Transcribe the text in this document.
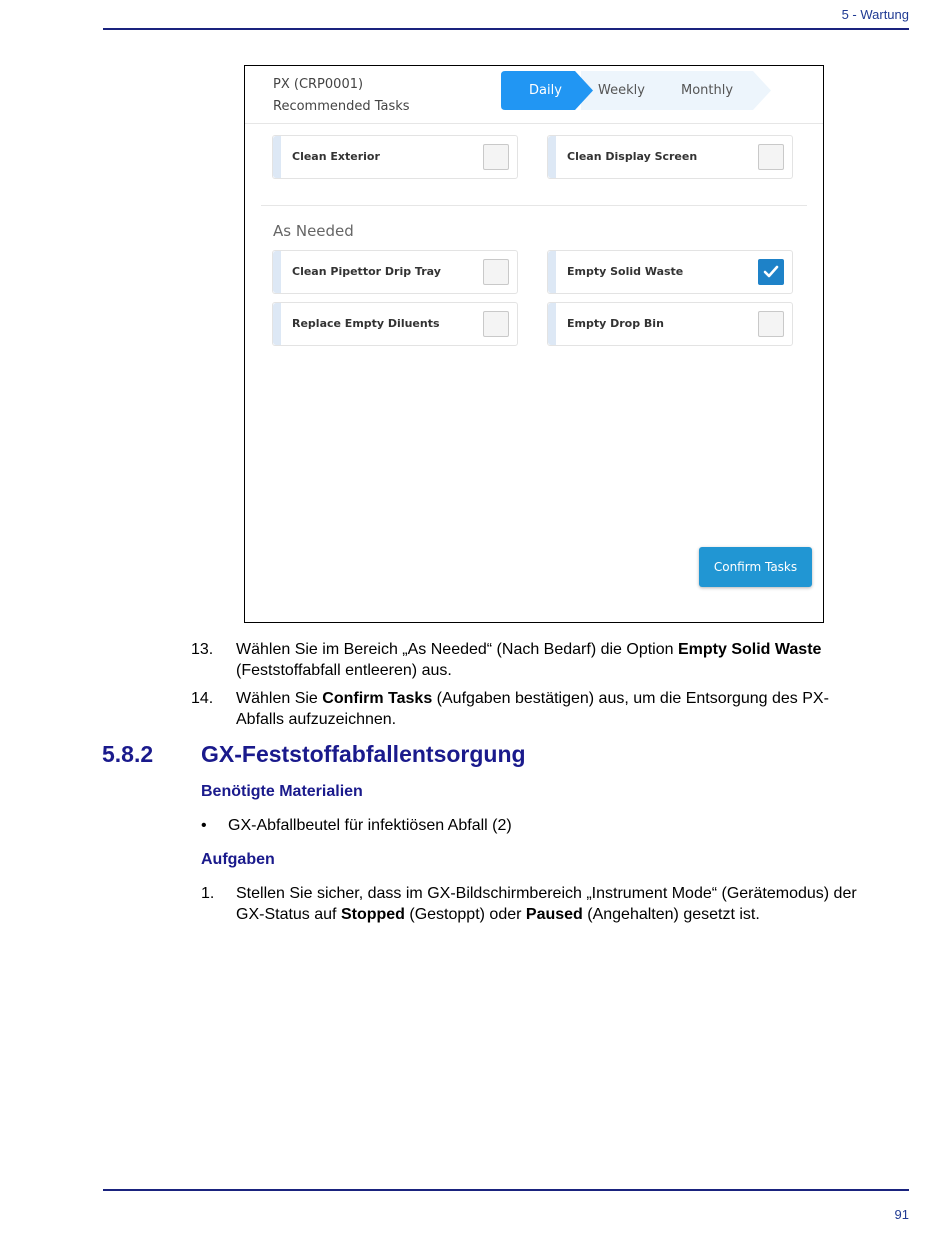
5 - Wartung
PX (CRP0001)
Recommended Tasks
Daily	Weekly	Monthly
Clean Exterior	Clean Display Screen
As Needed
Clean Pipettor Drip Tray	Empty Solid Waste
Replace Empty Diluents	Empty Drop Bin
Confirm Tasks
13. Wählen Sie im Bereich „As Needed“ (Nach Bedarf) die Option Empty Solid Waste
(Feststoffabfall entleeren) aus.
14. Wählen Sie Confirm Tasks (Aufgaben bestätigen) aus, um die Entsorgung des PX-
Abfalls aufzuzeichnen.
5.8.2 GX-Feststoffabfallentsorgung
Benötigte Materialien
• GX-Abfallbeutel für infektiösen Abfall (2)
Aufgaben
1. Stellen Sie sicher, dass im GX-Bildschirmbereich „Instrument Mode“ (Gerätemodus) der
GX-Status auf Stopped (Gestoppt) oder Paused (Angehalten) gesetzt ist.
91
